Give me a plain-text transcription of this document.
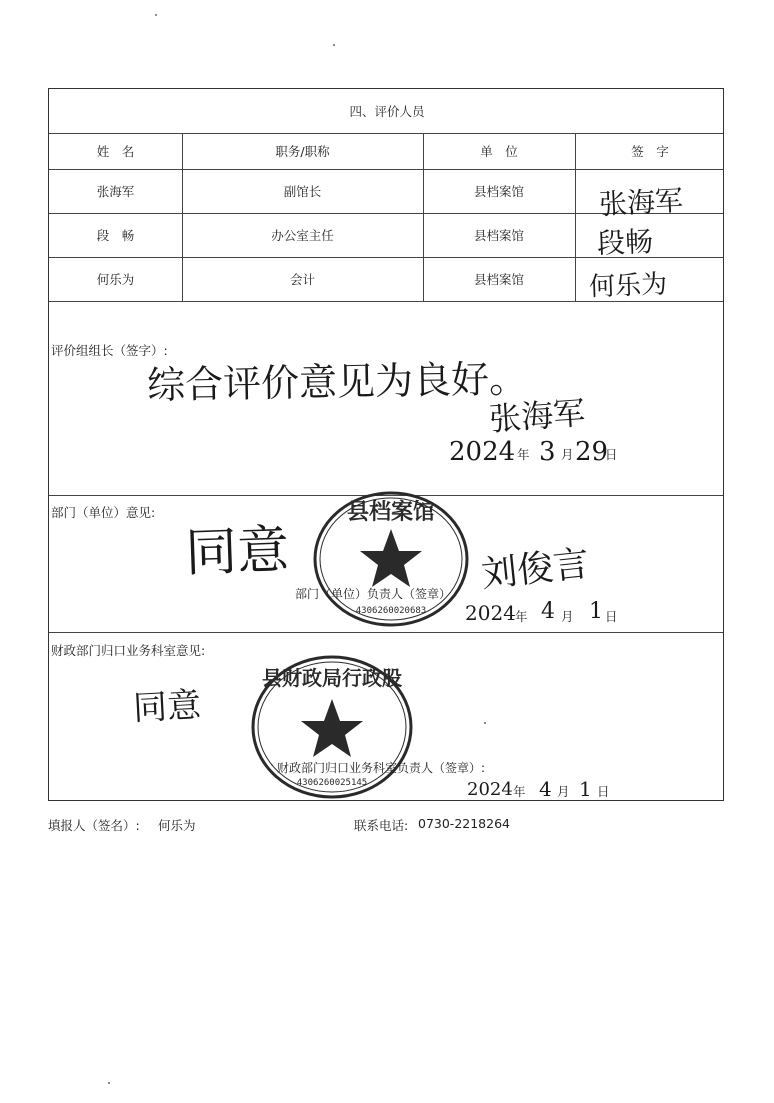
四、评价人员
姓　名	职务/职称	单　位	签　字
张海军	副馆长	县档案馆	张海军
段　畅	办公室主任	县档案馆	段畅
何乐为	会计	县档案馆	何乐为
评价组组长（签字）:
综合评价意见为良好。
张海军
2024 年 3 月 29
日
部门（单位）意见:
同意
县档案馆
4306260020683
部门（单位）负责人（签章） 刘俊言
2024 年 4 月 1 日
财政部门归口业务科室意见:
同意
县财政局行政股
4306260025145
财政部门归口业务科室负责人（签章）:
2024 年 4 月 1 日
填报人（签名）: 何乐为	联系电话: 0730-2218264
